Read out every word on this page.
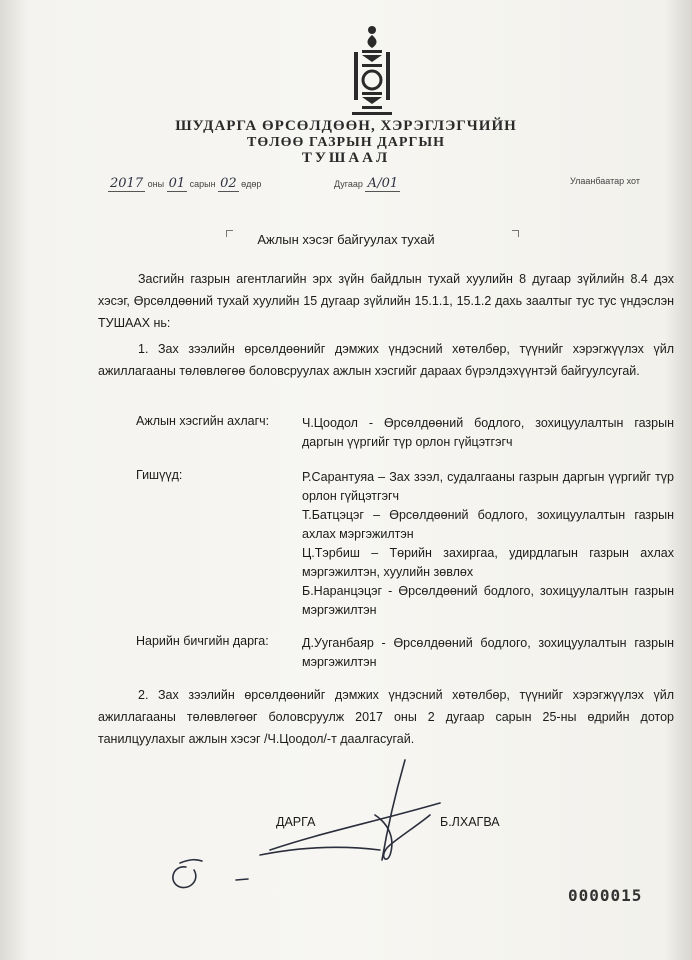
ШУДАРГА ӨРСӨЛДӨӨН, ХЭРЭГЛЭГЧИЙН
ТӨЛӨӨ ГАЗРЫН ДАРГЫН
ТУШААЛ
2017 оны 01 сарын 02 өдөр	Дугаар А/01	Улаанбаатар хот
Ажлын хэсэг байгуулах тухай
Засгийн газрын агентлагийн эрх зүйн байдлын тухай хуулийн 8 дугаар зүйлийн 8.4 дэх хэсэг, Өрсөлдөөний тухай хуулийн 15 дугаар зүйлийн 15.1.1, 15.1.2 дахь заалтыг тус тус үндэслэн ТУШААХ нь:
1. Зах зээлийн өрсөлдөөнийг дэмжих үндэсний хөтөлбөр, түүнийг хэрэгжүүлэх үйл ажиллагааны төлөвлөгөө боловсруулах ажлын хэсгийг дараах бүрэлдэхүүнтэй байгуулсугай.
Ажлын хэсгийн ахлагч:	Ч.Цоодол - Өрсөлдөөний бодлого, зохицуулалтын газрын даргын үүргийг түр орлон гүйцэтгэгч
Гишүүд:	Р.Сарантуяа – Зах зээл, судалгааны газрын даргын үүргийг түр орлон гүйцэтгэгч
Т.Батцэцэг – Өрсөлдөөний бодлого, зохицуулалтын газрын ахлах мэргэжилтэн
Ц.Тэрбиш – Төрийн захиргаа, удирдлагын газрын ахлах мэргэжилтэн, хуулийн зөвлөх
Б.Наранцэцэг - Өрсөлдөөний бодлого, зохицуулалтын газрын мэргэжилтэн
Нарийн бичгийн дарга:	Д.Ууганбаяр - Өрсөлдөөний бодлого, зохицуулалтын газрын мэргэжилтэн
2. Зах зээлийн өрсөлдөөнийг дэмжих үндэсний хөтөлбөр, түүнийг хэрэгжүүлэх үйл ажиллагааны төлөвлөгөөг боловсруулж 2017 оны 2 дугаар сарын 25-ны өдрийн дотор танилцуулахыг ажлын хэсэг /Ч.Цоодол/-т даалгасугай.
ДАРГА	Б.ЛХАГВА
0000015
